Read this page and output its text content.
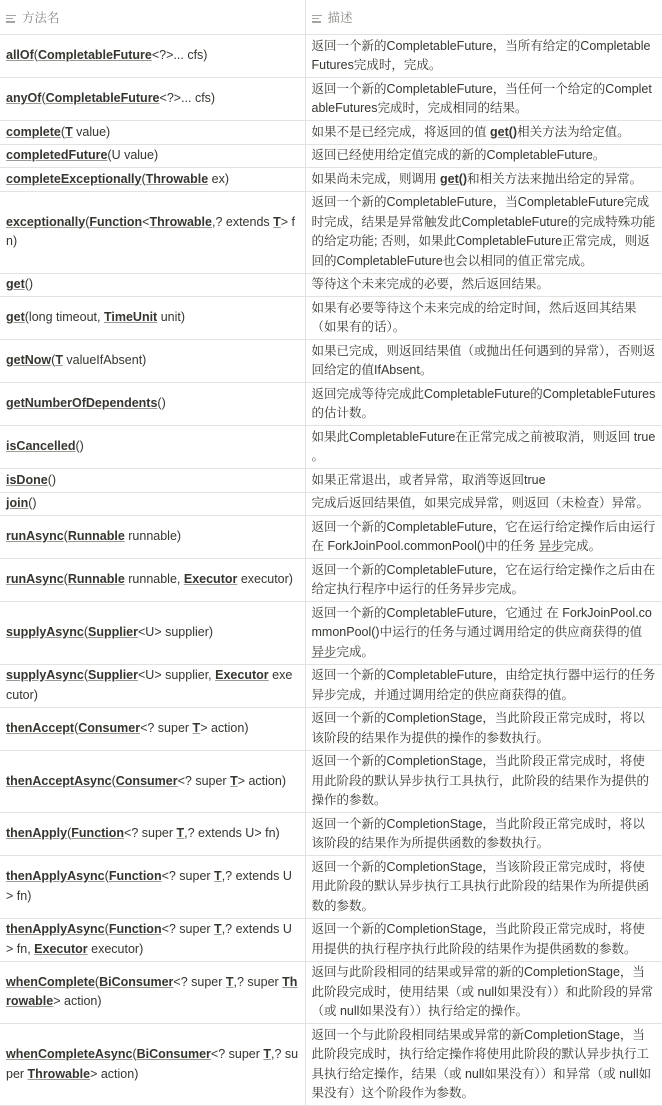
方法名	描述
allOf(CompletableFuture<?>... cfs)	返回一个新的CompletableFuture，当所有给定的CompletableFutures完成时，完成。
anyOf(CompletableFuture<?>... cfs)	返回一个新的CompletableFuture，当任何一个给定的CompletableFutures完成时，完成相同的结果。
complete(T value)	如果不是已经完成，将返回的值 get()相关方法为给定值。
completedFuture(U value)	返回已经使用给定值完成的新的CompletableFuture。
completeExceptionally(Throwable ex)	如果尚未完成，则调用 get()和相关方法来抛出给定的异常。
exceptionally(Function<Throwable,? extends T> fn)	返回一个新的CompletableFuture，当CompletableFuture完成时完成，结果是异常触发此CompletableFuture的完成特殊功能的给定功能; 否则，如果此CompletableFuture正常完成，则返回的CompletableFuture也会以相同的值正常完成。
get()	等待这个未来完成的必要，然后返回结果。
get(long timeout, TimeUnit unit)	如果有必要等待这个未来完成的给定时间，然后返回其结果（如果有的话）。
getNow(T valueIfAbsent)	如果已完成，则返回结果值（或抛出任何遇到的异常），否则返回给定的值IfAbsent。
getNumberOfDependents()	返回完成等待完成此CompletableFuture的CompletableFutures的估计数。
isCancelled()	如果此CompletableFuture在正常完成之前被取消，则返回 true 。
isDone()	如果正常退出，或者异常，取消等返回true
join()	完成后返回结果值，如果完成异常，则返回（未检查）异常。
runAsync(Runnable runnable)	返回一个新的CompletableFuture，它在运行给定操作后由运行在 ForkJoinPool.commonPool()中的任务 异步完成。
runAsync(Runnable runnable, Executor executor)	返回一个新的CompletableFuture，它在运行给定操作之后由在给定执行程序中运行的任务异步完成。
supplyAsync(Supplier<U> supplier)	返回一个新的CompletableFuture，它通过 在 ForkJoinPool.commonPool()中运行的任务与通过调用给定的供应商获得的值 异步完成。
supplyAsync(Supplier<U> supplier, Executor executor)	返回一个新的CompletableFuture，由给定执行器中运行的任务异步完成，并通过调用给定的供应商获得的值。
thenAccept(Consumer<? super T> action)	返回一个新的CompletionStage，当此阶段正常完成时，将以该阶段的结果作为提供的操作的参数执行。
thenAcceptAsync(Consumer<? super T> action)	返回一个新的CompletionStage，当此阶段正常完成时，将使用此阶段的默认异步执行工具执行，此阶段的结果作为提供的操作的参数。
thenApply(Function<? super T,? extends U> fn)	返回一个新的CompletionStage，当此阶段正常完成时，将以该阶段的结果作为所提供函数的参数执行。
thenApplyAsync(Function<? super T,? extends U> fn)	返回一个新的CompletionStage，当该阶段正常完成时，将使用此阶段的默认异步执行工具执行此阶段的结果作为所提供函数的参数。
thenApplyAsync(Function<? super T,? extends U> fn, Executor executor)	返回一个新的CompletionStage，当此阶段正常完成时，将使用提供的执行程序执行此阶段的结果作为提供函数的参数。
whenComplete(BiConsumer<? super T,? super Throwable> action)	返回与此阶段相同的结果或异常的新的CompletionStage，当此阶段完成时，使用结果（或 null如果没有））和此阶段的异常（或 null如果没有））执行给定的操作。
whenCompleteAsync(BiConsumer<? super T,? super Throwable> action)	返回一个与此阶段相同结果或异常的新CompletionStage，当此阶段完成时，执行给定操作将使用此阶段的默认异步执行工具执行给定操作，结果（或 null如果没有））和异常（或 null如果没有）这个阶段作为参数。
